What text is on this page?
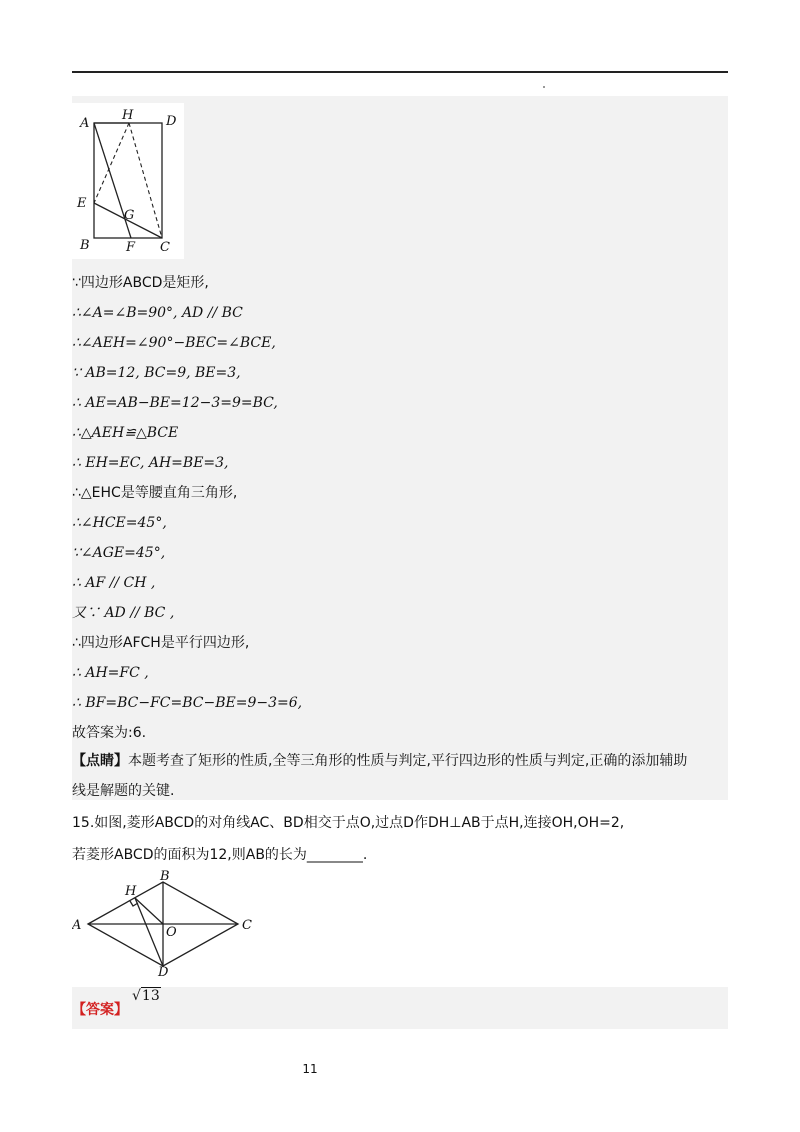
A
H	D
E
G
B	F C
∵四边形ABCD是矩形,
∴∠A=∠B=90°, AD // BC
∴∠AEH=∠90°−BEC=∠BCE,
∵ AB=12, BC=9, BE=3,
∴ AE=AB−BE=12−3=9=BC,
∴△AEH≌△BCE
∴ EH=EC, AH=BE=3,
∴△EHC是等腰直角三角形,
∴∠HCE=45°,
∵∠AGE=45°,
∴ AF // CH ,
又∵ AD // BC ,
∴四边形AFCH是平行四边形,
∴ AH=FC ,
∴ BF=BC−FC=BC−BE=9−3=6,
故答案为:6.
【点睛】本题考查了矩形的性质,全等三角形的性质与判定,平行四边形的性质与判定,正确的添加辅助
线是解题的关键.
15.如图,菱形ABCD的对角线AC、BD相交于点O,过点D作DH⊥AB于点H,连接OH,OH=2,
若菱形ABCD的面积为12,则AB的长为________.
A
B
C
D
H
O
【答案】
√13
11
